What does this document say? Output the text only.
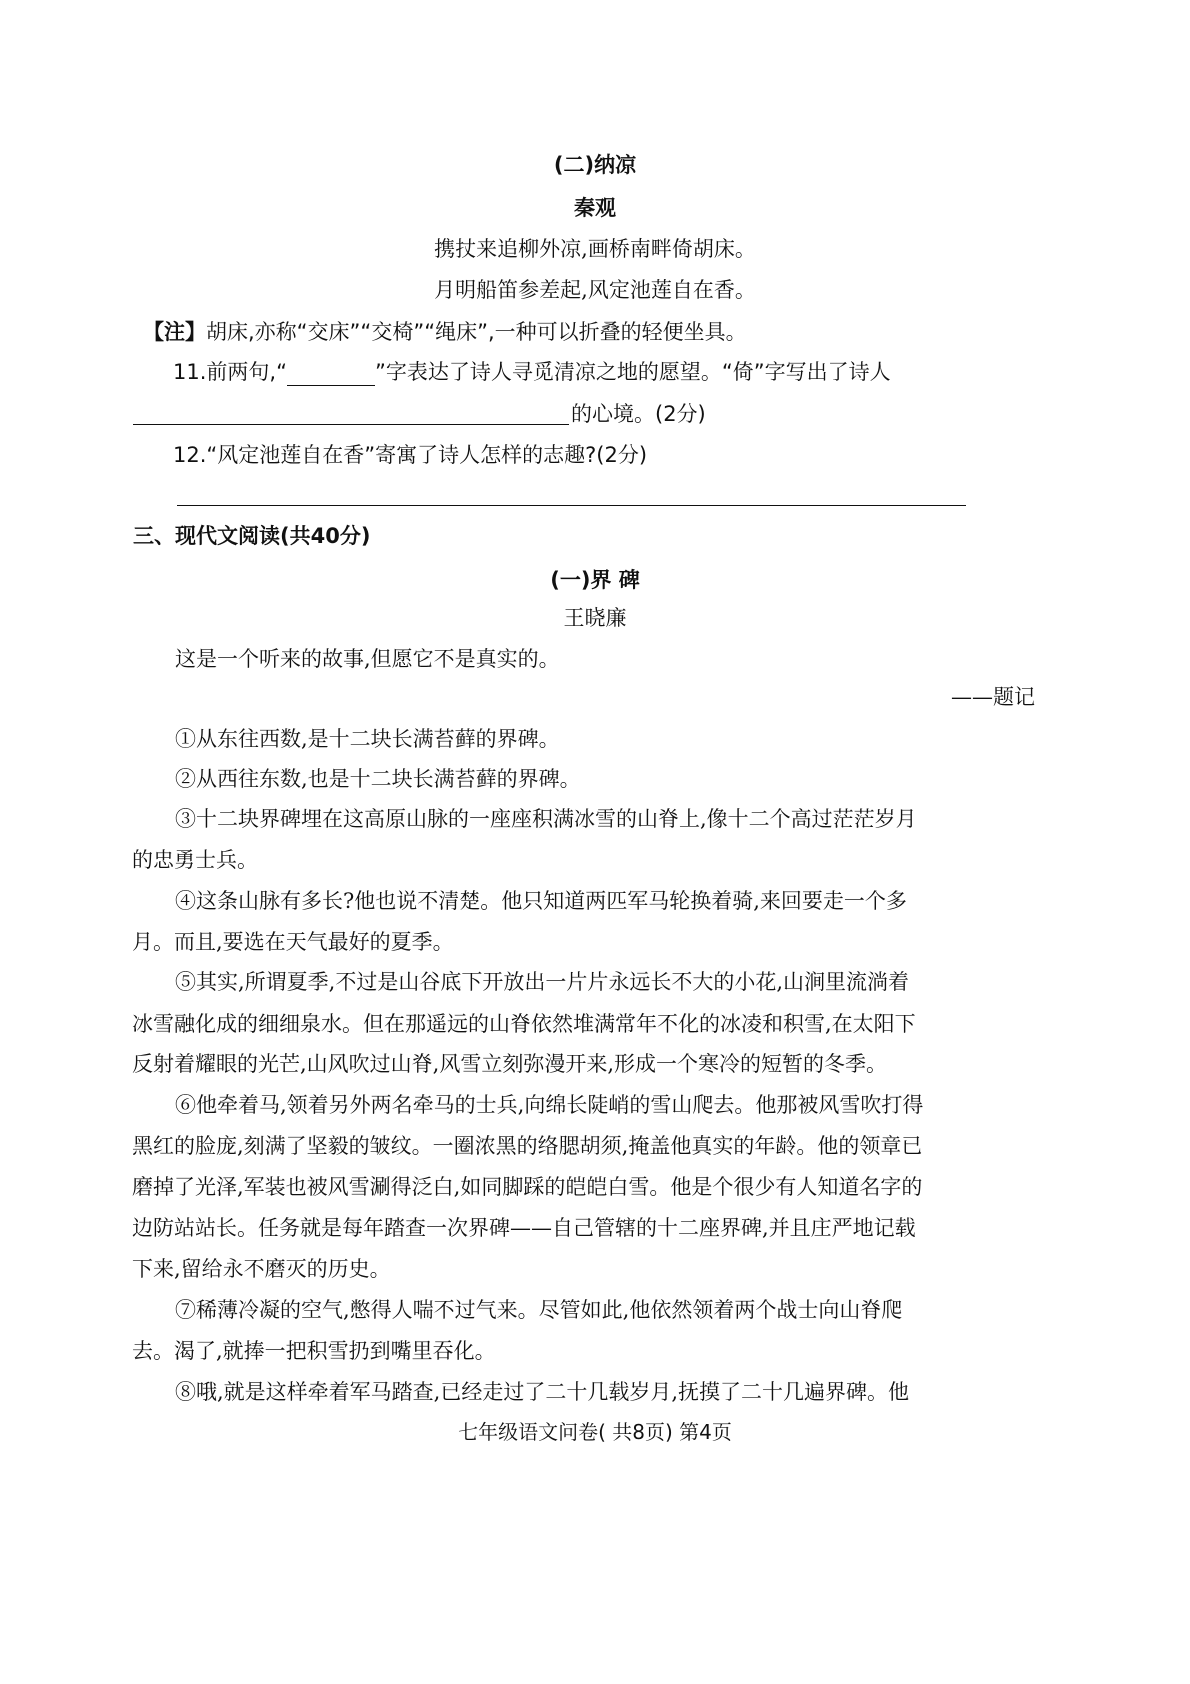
(二)纳凉
秦观
携扙来追柳外凉,画桥南畔倚胡床。
月明船笛参差起,风定池莲自在香。
【注】胡床,亦称“交床”“交椅”“绳床”,一种可以折叠的轻便坐具。
11.前两句,“	”字表达了诗人寻觅清凉之地的愿望。“倚”字写出了诗人
的心境。(2分)
12.“风定池莲自在香”寄寓了诗人怎样的志趣?(2分)
三、现代文阅读(共40分)
(一)界 碑
王晓廉
这是一个听来的故事,但愿它不是真实的。
——题记
①从东往西数,是十二块长满苔藓的界碑。
②从西往东数,也是十二块长满苔藓的界碑。
③十二块界碑埋在这高原山脉的一座座积满冰雪的山脊上,像十二个高过茫茫岁月
的忠勇士兵。
④这条山脉有多长?他也说不清楚。他只知道两匹军马轮换着骑,来回要走一个多
月。而且,要选在天气最好的夏季。
⑤其实,所谓夏季,不过是山谷底下开放出一片片永远长不大的小花,山涧里流淌着
冰雪融化成的细细泉水。但在那遥远的山脊依然堆满常年不化的冰凌和积雪,在太阳下
反射着耀眼的光芒,山风吹过山脊,风雪立刻弥漫开来,形成一个寒冷的短暂的冬季。
⑥他牵着马,领着另外两名牵马的士兵,向绵长陡峭的雪山爬去。他那被风雪吹打得
黑红的脸庞,刻满了坚毅的皱纹。一圈浓黑的络腮胡须,掩盖他真实的年龄。他的领章已
磨掉了光泽,军装也被风雪涮得泛白,如同脚踩的皑皑白雪。他是个很少有人知道名字的
边防站站长。任务就是每年踏查一次界碑——自己管辖的十二座界碑,并且庄严地记载
下来,留给永不磨灭的历史。
⑦稀薄冷凝的空气,憋得人喘不过气来。尽管如此,他依然领着两个战士向山脊爬
去。渴了,就捧一把积雪扔到嘴里吞化。
⑧哦,就是这样牵着军马踏查,已经走过了二十几载岁月,抚摸了二十几遍界碑。他
七年级语文问卷( 共8页) 第4页
